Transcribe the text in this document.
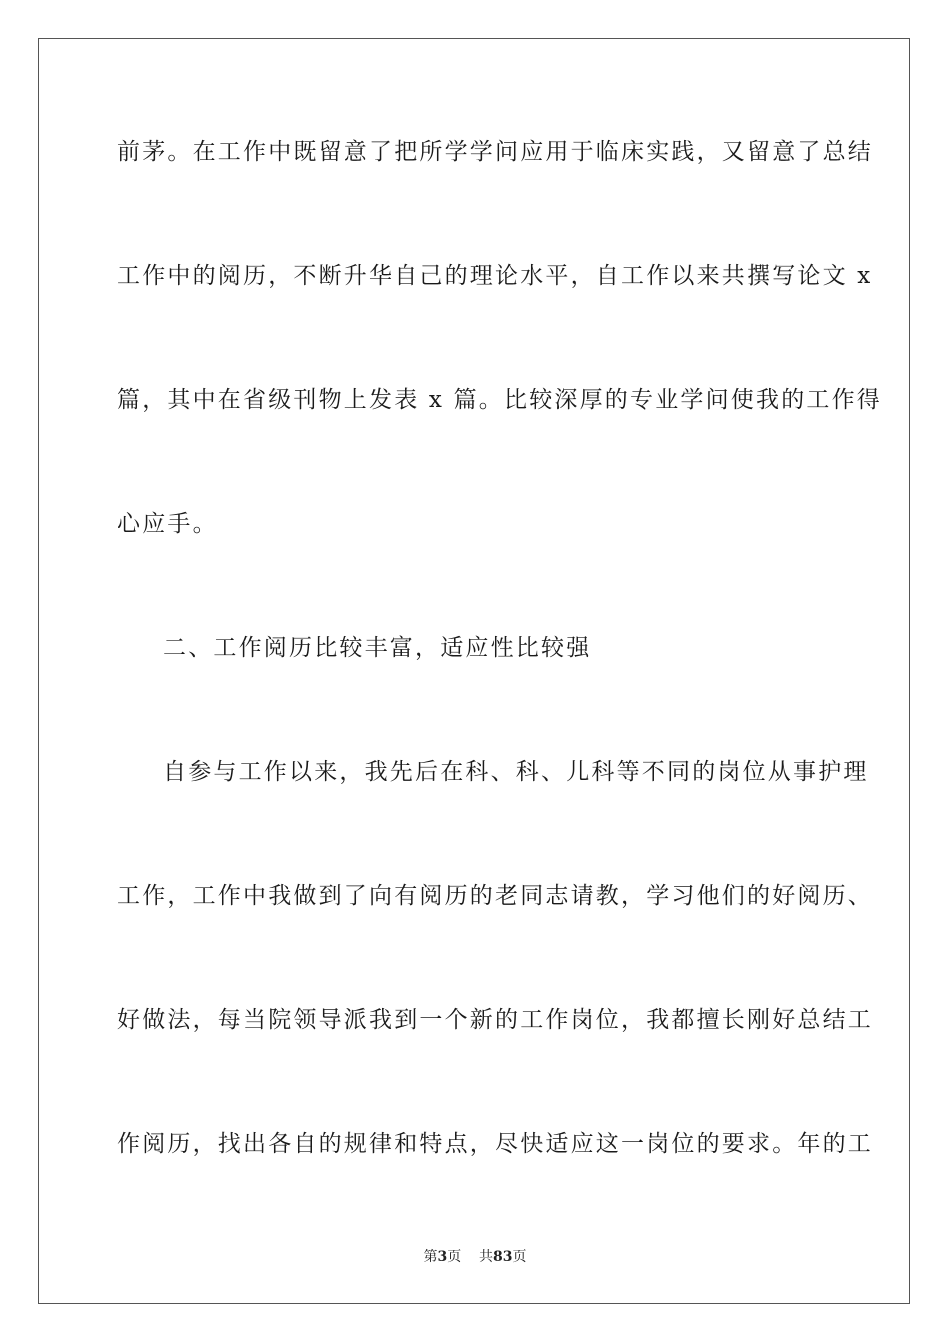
前茅。在工作中既留意了把所学学问应用于临床实践，又留意了总结
工作中的阅历，不断升华自己的理论水平，自工作以来共撰写论文 x
篇，其中在省级刊物上发表 x 篇。比较深厚的专业学问使我的工作得
心应手。
二、工作阅历比较丰富，适应性比较强
自参与工作以来，我先后在科、科、儿科等不同的岗位从事护理
工作，工作中我做到了向有阅历的老同志请教，学习他们的好阅历、
好做法，每当院领导派我到一个新的工作岗位，我都擅长刚好总结工
作阅历，找出各自的规律和特点，尽快适应这一岗位的要求。年的工
第3页 共83页
